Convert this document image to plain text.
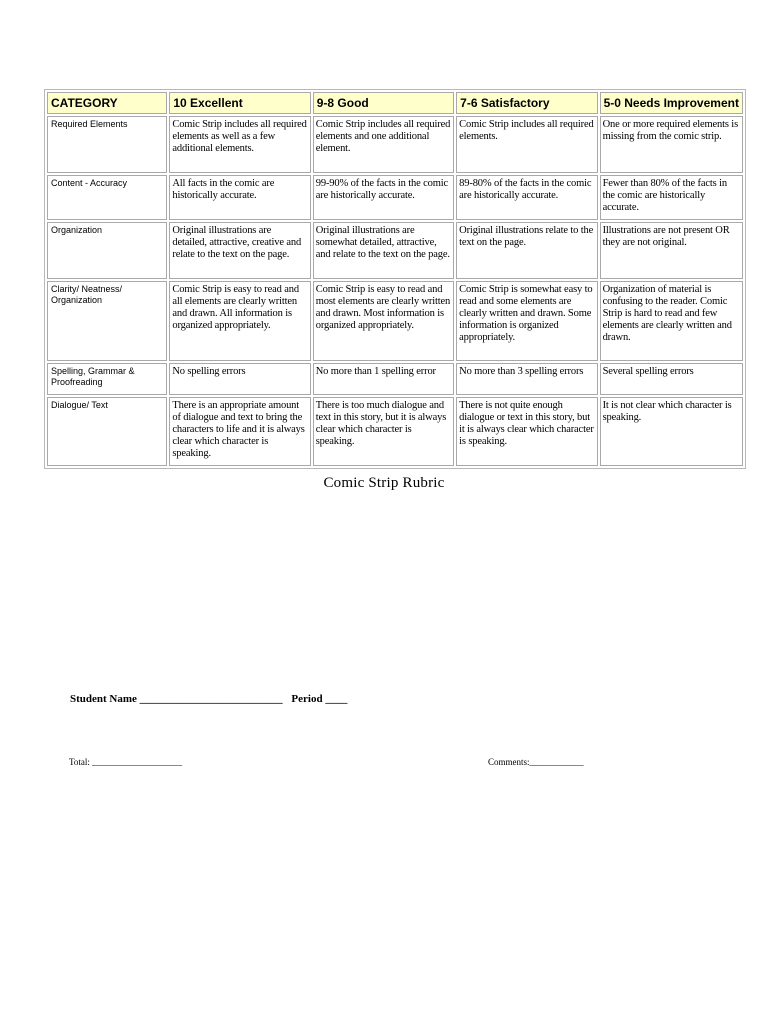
CATEGORY	10 Excellent	9-8 Good	7-6 Satisfactory	5-0 Needs Improvement
Required Elements	Comic Strip includes all required elements as well as a few additional elements.	Comic Strip includes all required elements and one additional element.	Comic Strip includes all required elements.	One or more required elements is missing from the comic strip.
Content - Accuracy	All facts in the comic are historically accurate.	99-90% of the facts in the comic are historically accurate.	89-80% of the facts in the comic are historically accurate.	Fewer than 80% of the facts in the comic are historically accurate.
Organization	Original illustrations are detailed, attractive, creative and relate to the text on the page.	Original illustrations are somewhat detailed, attractive, and relate to the text on the page.	Original illustrations relate to the text on the page.	Illustrations are not present OR they are not original.
Clarity/ Neatness/ Organization	Comic Strip is easy to read and all elements are clearly written and drawn. All information is organized appropriately.	Comic Strip is easy to read and most elements are clearly written and drawn. Most information is organized appropriately.	Comic Strip is somewhat easy to read and some elements are clearly written and drawn. Some information is organized appropriately.	Organization of material is confusing to the reader. Comic Strip is hard to read and few elements are clearly written and drawn.
Spelling, Grammar & Proofreading	No spelling errors	No more than 1 spelling error	No more than 3 spelling errors	Several spelling errors
Dialogue/ Text	There is an appropriate amount of dialogue and text to bring the characters to life and it is always clear which character is speaking.	There is too much dialogue and text in this story, but it is always clear which character is speaking.	There is not quite enough dialogue or text in this story, but it is always clear which character is speaking.	It is not clear which character is speaking.
Comic Strip Rubric
Student Name __________________________ Period ____
Total: ____________________	Comments:____________
